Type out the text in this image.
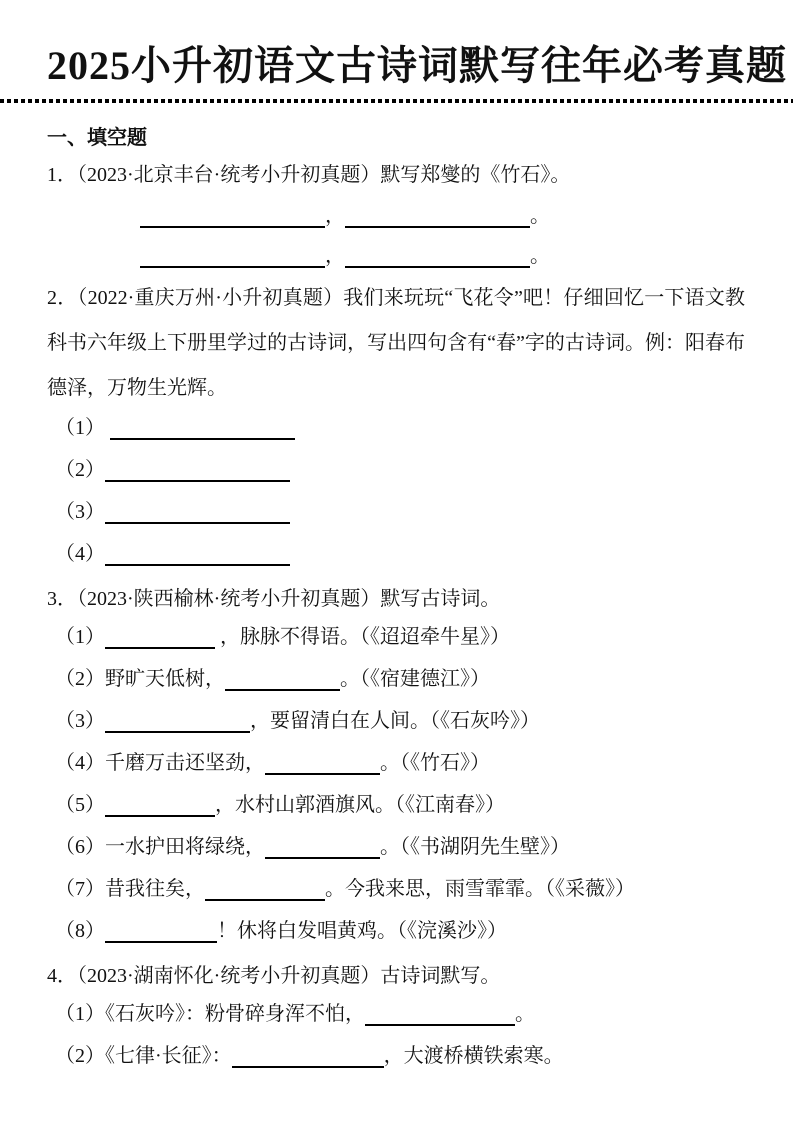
2025小升初语文古诗词默写往年必考真题
一、填空题
1．（2023·北京丰台·统考小升初真题）默写郑燮的《竹石》。
，	。
，	。
2．（2022·重庆万州·小升初真题）我们来玩玩“飞花令”吧！仔细回忆一下语文教科书六年级上下册里学过的古诗词，写出四句含有“春”字的古诗词。例：阳春布德泽，万物生光辉。
（1）
（2）
（3）
（4）
3．（2023·陕西榆林·统考小升初真题）默写古诗词。
（1）	，脉脉不得语。（《迢迢牵牛星》）
（2）野旷天低树，	。（《宿建德江》）
（3）	，要留清白在人间。（《石灰吟》）
（4）千磨万击还坚劲，	。（《竹石》）
（5）	，水村山郭酒旗风。（《江南春》）
（6）一水护田将绿绕，	。（《书湖阴先生壁》）
（7）昔我往矣，	。今我来思，雨雪霏霏。（《采薇》）
（8）	！休将白发唱黄鸡。（《浣溪沙》）
4．（2023·湖南怀化·统考小升初真题）古诗词默写。
（1）《石灰吟》：粉骨碎身浑不怕，	。
（2）《七律·长征》：	，大渡桥横铁索寒。
